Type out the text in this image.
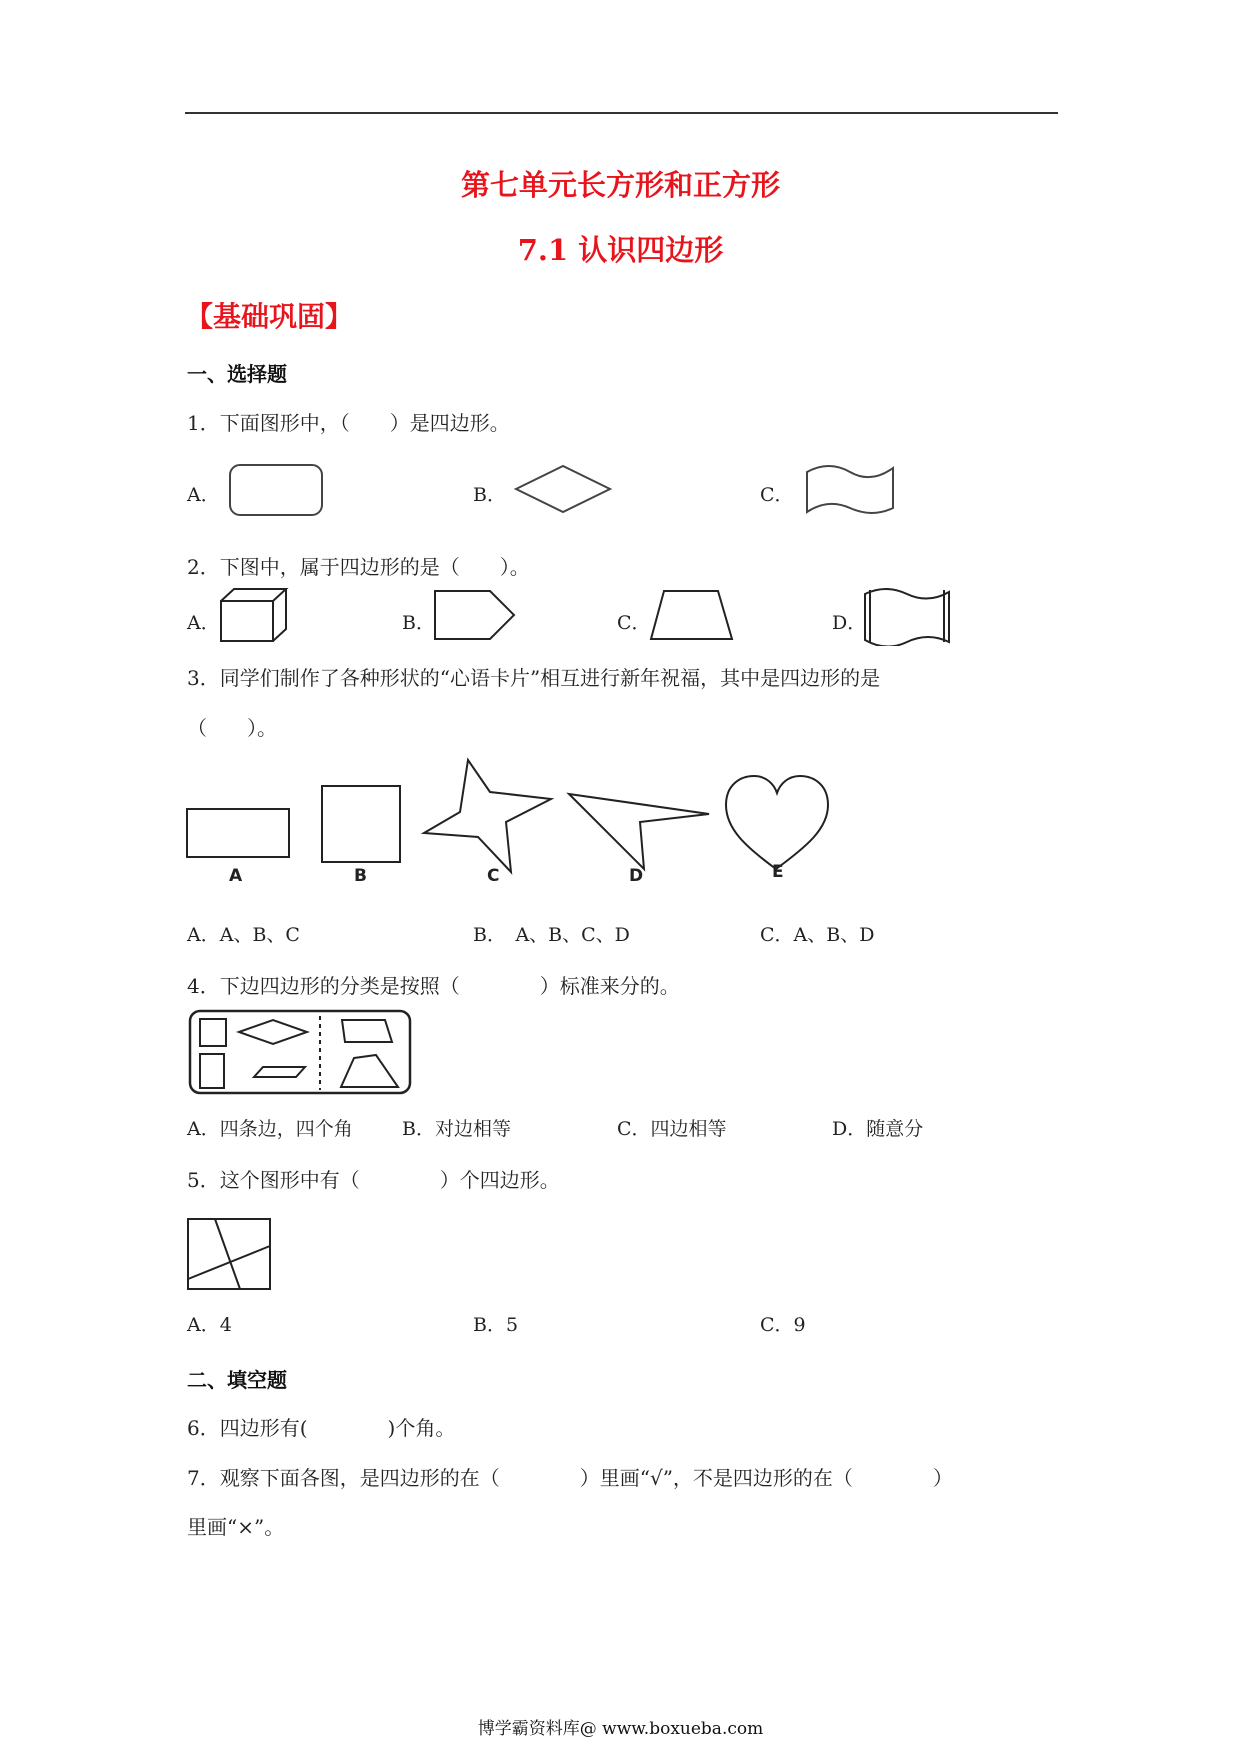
第七单元长方形和正方形
7.1 认识四边形
【基础巩固】
一、选择题
1．下面图形中，（　　）是四边形。
A．	B．	C．
2．下图中，属于四边形的是（　　）。
A．	B．	C．	D．
3．同学们制作了各种形状的“心语卡片”相互进行新年祝福，其中是四边形的是
（　　）。
A	B	C	D	E
A．A、B、C	B．　A、B、C、D	C．A、B、D
4．下边四边形的分类是按照（　　　　）标准来分的。
A．四条边，四个角	B．对边相等	C．四边相等	D．随意分
5．这个图形中有（　　　　）个四边形。
A．4	B．5	C．9
二、填空题
6．四边形有(　　　　)个角。
7．观察下面各图，是四边形的在（　　　　）里画“√”，不是四边形的在（　　　　）
里画“×”。
博学霸资料库@ www.boxueba.com
